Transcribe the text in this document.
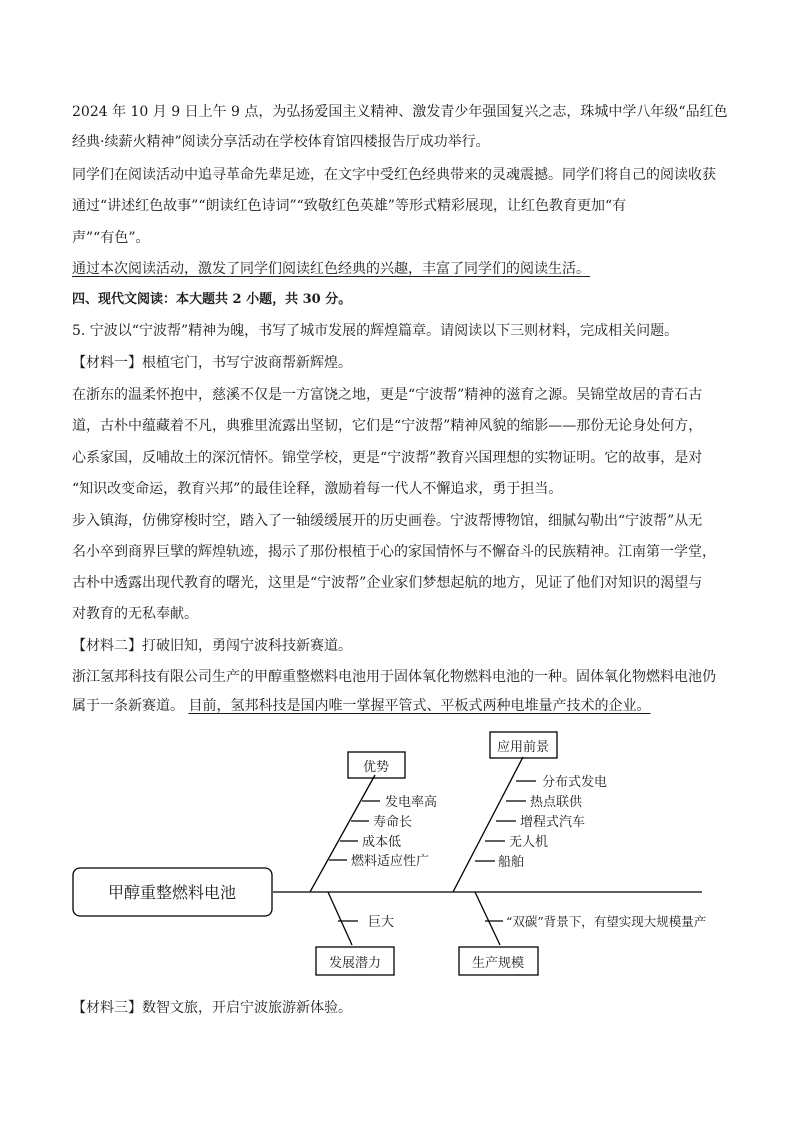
2024 年 10 月 9 日上午 9 点，为弘扬爱国主义精神、激发青少年强国复兴之志，珠城中学八年级“品红色
经典·续薪火精神”阅读分享活动在学校体育馆四楼报告厅成功举行。
同学们在阅读活动中追寻革命先辈足迹，在文字中受红色经典带来的灵魂震撼。同学们将自己的阅读收获
通过“讲述红色故事”“朗读红色诗词”“致敬红色英雄”等形式精彩展现，让红色教育更加“有
声”“有色”。
通过本次阅读活动，激发了同学们阅读红色经典的兴趣，丰富了同学们的阅读生活。
四、现代文阅读：本大题共 2 小题，共 30 分。
5. 宁波以“宁波帮”精神为魄，书写了城市发展的辉煌篇章。请阅读以下三则材料，完成相关问题。
【材料一】根植宅门，书写宁波商帮新辉煌。
在浙东的温柔怀抱中，慈溪不仅是一方富饶之地，更是“宁波帮”精神的滋育之源。吴锦堂故居的青石古
道，古朴中蕴藏着不凡，典雅里流露出坚韧，它们是“宁波帮”精神风貌的缩影——那份无论身处何方，
心系家国，反哺故土的深沉情怀。锦堂学校，更是“宁波帮”教育兴国理想的实物证明。它的故事，是对
“知识改变命运，教育兴邦”的最佳诠释，激励着每一代人不懈追求，勇于担当。
步入镇海，仿佛穿梭时空，踏入了一轴缓缓展开的历史画卷。宁波帮博物馆，细腻勾勒出“宁波帮”从无
名小卒到商界巨擘的辉煌轨迹，揭示了那份根植于心的家国情怀与不懈奋斗的民族精神。江南第一学堂，
古朴中透露出现代教育的曙光，这里是“宁波帮”企业家们梦想起航的地方，见证了他们对知识的渴望与
对教育的无私奉献。
【材料二】打破旧知，勇闯宁波科技新赛道。
浙江氢邦科技有限公司生产的甲醇重整燃料电池用于固体氧化物燃料电池的一种。固体氧化物燃料电池仍
属于一条新赛道。 目前，氢邦科技是国内唯一掌握平管式、平板式两种电堆量产技术的企业。
甲醇重整燃料电池
优势
应用前景
发展潜力	生产规模
发电率高
寿命长
成本低
燃料适应性广
分布式发电
热点联供
增程式汽车
无人机
船舶
巨大	“双碳”背景下，有望实现大规模量产
【材料三】数智文旅，开启宁波旅游新体验。
